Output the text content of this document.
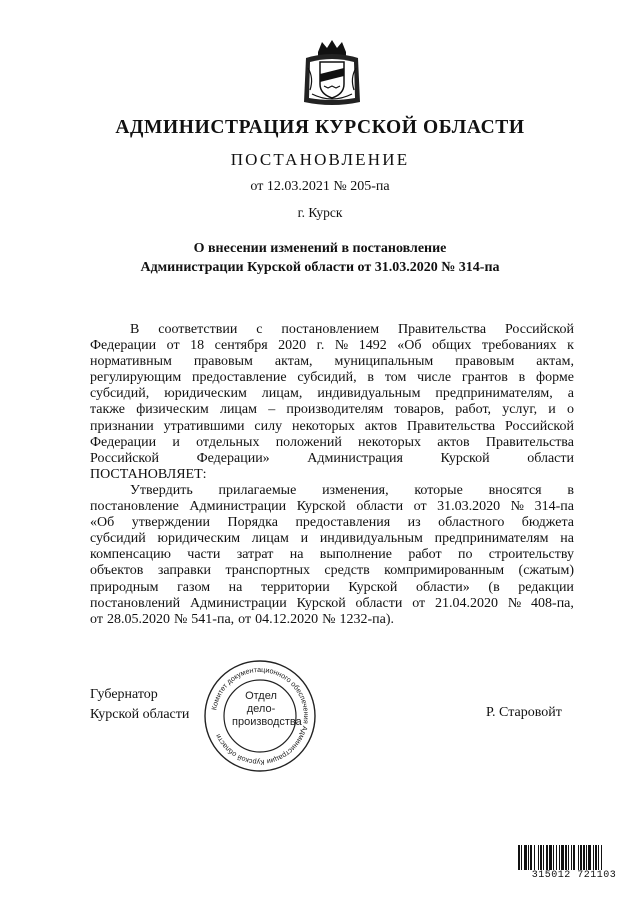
АДМИНИСТРАЦИЯ КУРСКОЙ ОБЛАСТИ
ПОСТАНОВЛЕНИЕ
от 12.03.2021 № 205-па
г. Курск
О внесении изменений в постановление
Администрации Курской области от 31.03.2020 № 314-па
В соответствии с постановлением Правительства Российской
Федерации от 18 сентября 2020 г. № 1492 «Об общих требованиях к
нормативным правовым актам, муниципальным правовым актам,
регулирующим предоставление субсидий, в том числе грантов в форме
субсидий, юридическим лицам, индивидуальным предпринимателям, а
также физическим лицам – производителям товаров, работ, услуг, и о
признании утратившими силу некоторых актов Правительства Российской
Федерации и отдельных положений некоторых актов Правительства
Российской	Федерации»	Администрация	Курской	области
ПОСТАНОВЛЯЕТ:
Утвердить прилагаемые изменения, которые вносятся в
постановление Администрации Курской области от 31.03.2020 № 314-па
«Об утверждении Порядка предоставления из областного бюджета
субсидий юридическим лицам и индивидуальным предпринимателям на
компенсацию части затрат на выполнение работ по строительству
объектов заправки транспортных средств компримированным (сжатым)
природным газом на территории Курской области» (в редакции
постановлений Администрации Курской области от 21.04.2020 № 408-па,
от 28.05.2020 № 541-па, от 04.12.2020 № 1232-па).
Губернатор
Курской области	Комитет документационного обеспечения Администрации Курской области
Отдел
дело-
производства
Р. Старовойт
315012 721103
